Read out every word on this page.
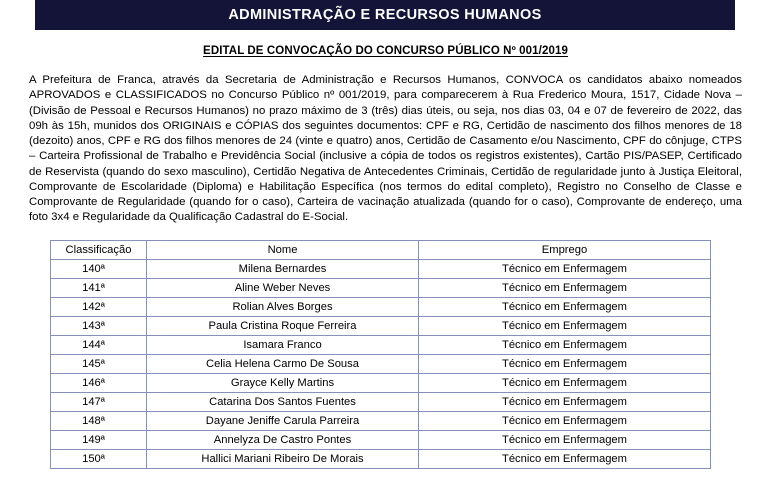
ADMINISTRAÇÃO E RECURSOS HUMANOS
EDITAL DE CONVOCAÇÃO DO CONCURSO PÚBLICO Nº 001/2019
A Prefeitura de Franca, através da Secretaria de Administração e Recursos Humanos, CONVOCA os candidatos abaixo nomeados APROVADOS e CLASSIFICADOS no Concurso Público nº 001/2019, para comparecerem à Rua Frederico Moura, 1517, Cidade Nova – (Divisão de Pessoal e Recursos Humanos) no prazo máximo de 3 (três) dias úteis, ou seja, nos dias 03, 04 e 07 de fevereiro de 2022, das 09h às 15h, munidos dos ORIGINAIS e CÓPIAS dos seguintes documentos: CPF e RG, Certidão de nascimento dos filhos menores de 18 (dezoito) anos, CPF e RG dos filhos menores de 24 (vinte e quatro) anos, Certidão de Casamento e/ou Nascimento, CPF do cônjuge, CTPS – Carteira Profissional de Trabalho e Previdência Social (inclusive a cópia de todos os registros existentes), Cartão PIS/PASEP, Certificado de Reservista (quando do sexo masculino), Certidão Negativa de Antecedentes Criminais, Certidão de regularidade junto à Justiça Eleitoral, Comprovante de Escolaridade (Diploma) e Habilitação Específica (nos termos do edital completo), Registro no Conselho de Classe e Comprovante de Regularidade (quando for o caso), Carteira de vacinação atualizada (quando for o caso), Comprovante de endereço, uma foto 3x4 e Regularidade da Qualificação Cadastral do E-Social.
Classificação	Nome	Emprego
140ª	Milena Bernardes	Técnico em Enfermagem
141ª	Aline Weber Neves	Técnico em Enfermagem
142ª	Rolian Alves Borges	Técnico em Enfermagem
143ª	Paula Cristina Roque Ferreira	Técnico em Enfermagem
144ª	Isamara Franco	Técnico em Enfermagem
145ª	Celia Helena Carmo De Sousa	Técnico em Enfermagem
146ª	Grayce Kelly Martins	Técnico em Enfermagem
147ª	Catarina Dos Santos Fuentes	Técnico em Enfermagem
148ª	Dayane Jeniffe Carula Parreira	Técnico em Enfermagem
149ª	Annelyza De Castro Pontes	Técnico em Enfermagem
150ª	Hallici Mariani Ribeiro De Morais	Técnico em Enfermagem
